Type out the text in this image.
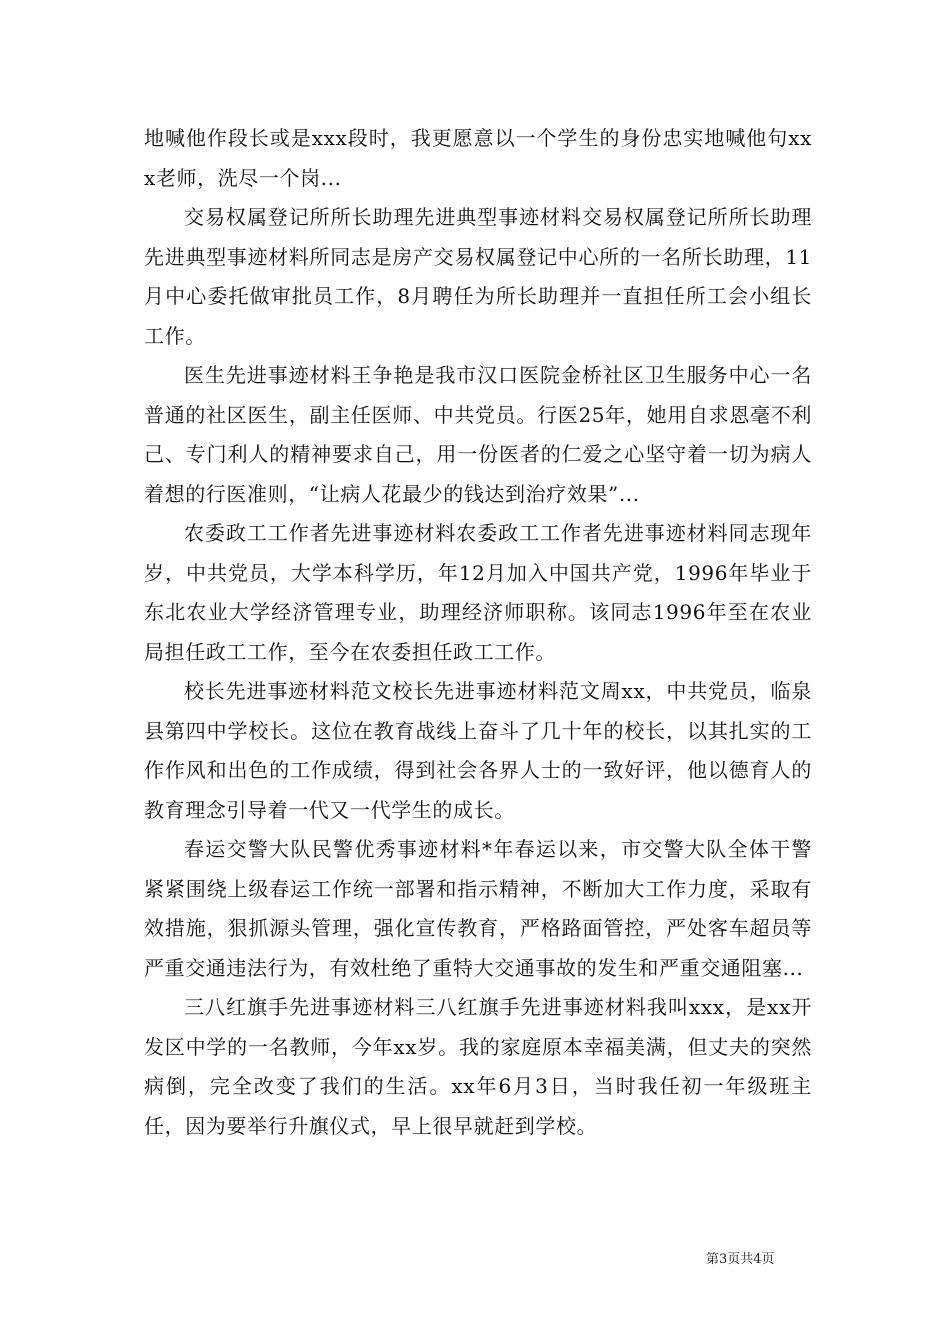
地喊他作段长或是xxx段时，我更愿意以一个学生的身份忠实地喊他句xxx老师，洗尽一个岗...

交易权属登记所所长助理先进典型事迹材料交易权属登记所所长助理先进典型事迹材料所同志是房产交易权属登记中心所的一名所长助理，11月中心委托做审批员工作，8月聘任为所长助理并一直担任所工会小组长工作。

医生先进事迹材料王争艳是我市汉口医院金桥社区卫生服务中心一名普通的社区医生，副主任医师、中共党员。行医25年，她用自求恩毫不利己、专门利人的精神要求自己，用一份医者的仁爱之心坚守着一切为病人着想的行医准则，“让病人花最少的钱达到治疗效果”...

农委政工工作者先进事迹材料农委政工工作者先进事迹材料同志现年岁，中共党员，大学本科学历，年12月加入中国共产党，1996年毕业于东北农业大学经济管理专业，助理经济师职称。该同志1996年至在农业局担任政工工作，至今在农委担任政工工作。

校长先进事迹材料范文校长先进事迹材料范文周xx，中共党员，临泉县第四中学校长。这位在教育战线上奋斗了几十年的校长，以其扎实的工作作风和出色的工作成绩，得到社会各界人士的一致好评，他以德育人的教育理念引导着一代又一代学生的成长。

春运交警大队民警优秀事迹材料*年春运以来，市交警大队全体干警紧紧围绕上级春运工作统一部署和指示精神，不断加大工作力度，采取有效措施，狠抓源头管理，强化宣传教育，严格路面管控，严处客车超员等严重交通违法行为，有效杜绝了重特大交通事故的发生和严重交通阻塞...

三八红旗手先进事迹材料三八红旗手先进事迹材料我叫xxx，是xx开发区中学的一名教师，今年xx岁。我的家庭原本幸福美满，但丈夫的突然病倒，完全改变了我们的生活。xx年6月3日，当时我任初一年级班主任，因为要举行升旗仪式，早上很早就赶到学校。

第3页共4页
